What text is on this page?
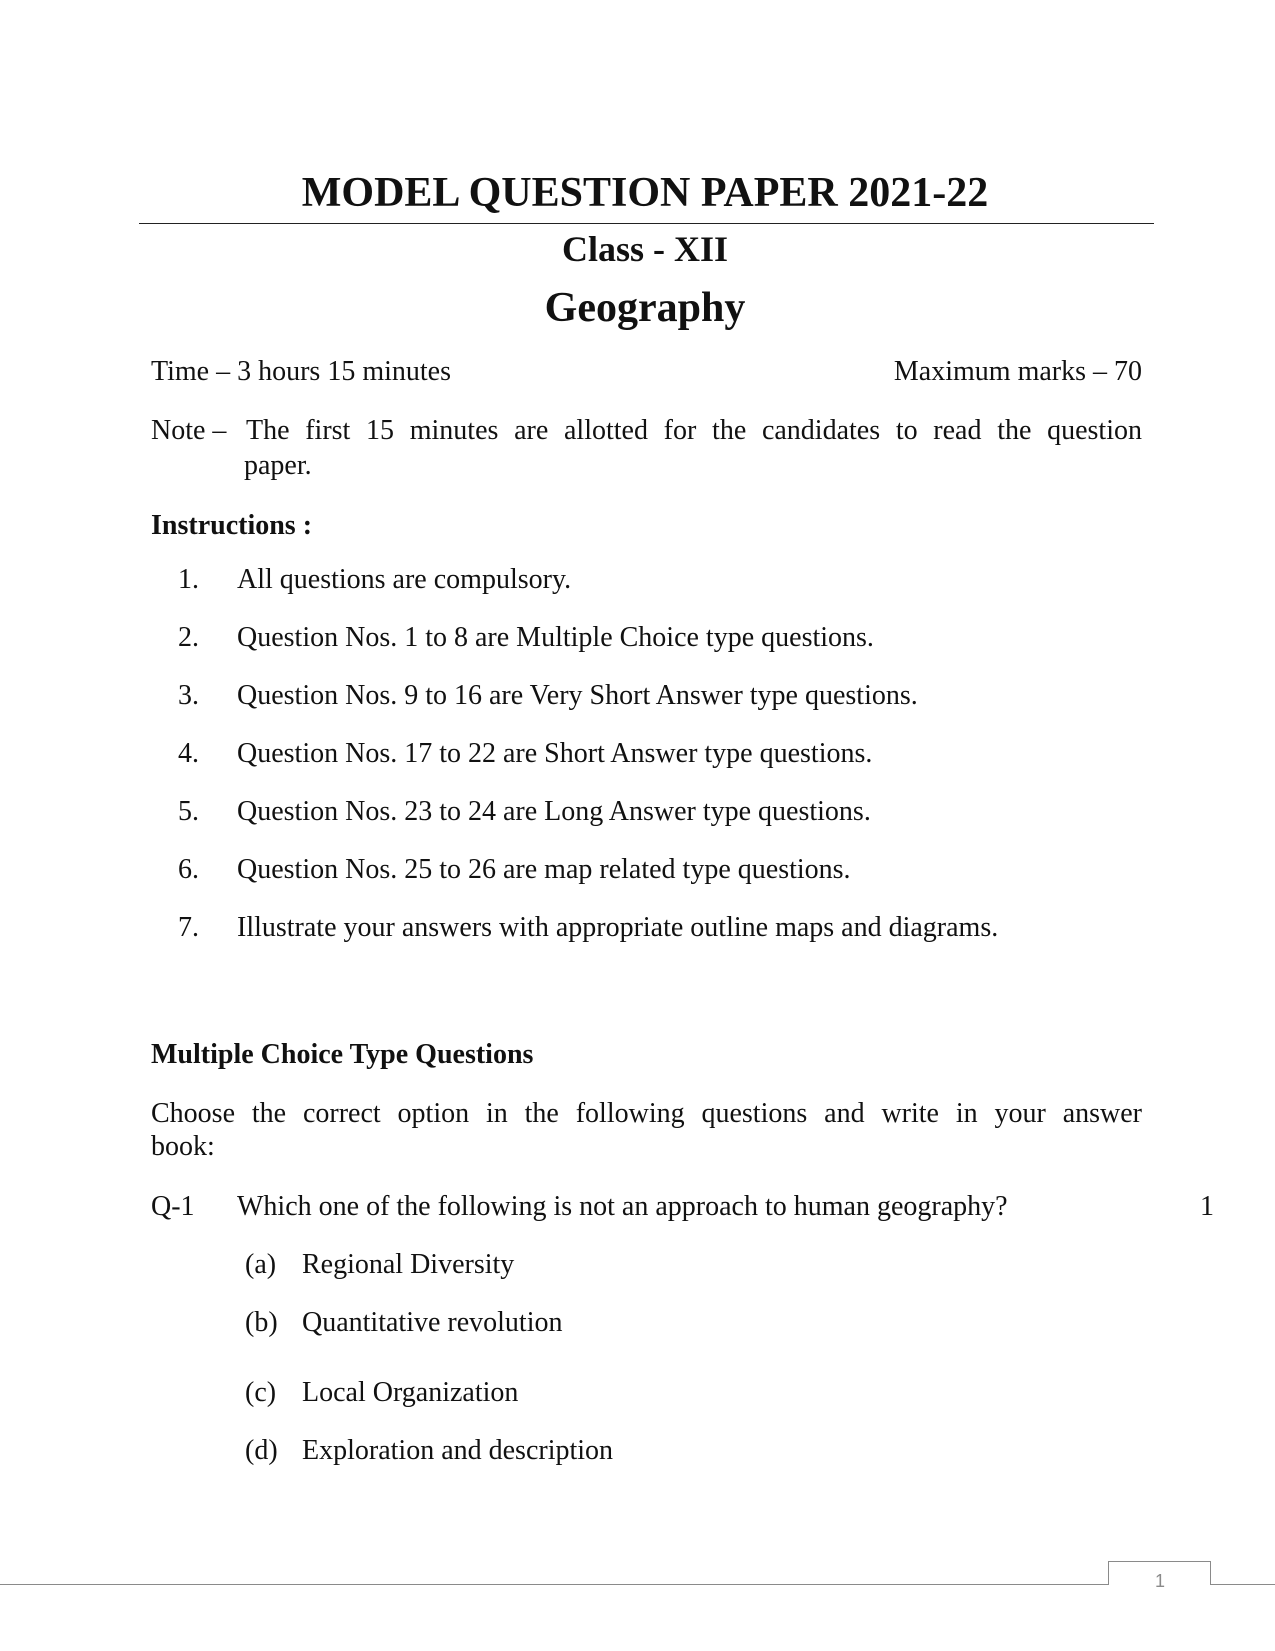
MODEL QUESTION PAPER 2021-22
Class - XII
Geography
Time – 3 hours 15 minutes	Maximum marks – 70
Note – The first 15 minutes are allotted for the candidates to read the question
paper.
Instructions :
1. All questions are compulsory.
2. Question Nos. 1 to 8 are Multiple Choice type questions.
3. Question Nos. 9 to 16 are Very Short Answer type questions.
4. Question Nos. 17 to 22 are Short Answer type questions.
5. Question Nos. 23 to 24 are Long Answer type questions.
6. Question Nos. 25 to 26 are map related type questions.
7. Illustrate your answers with appropriate outline maps and diagrams.
Multiple Choice Type Questions
Choose the correct option in the following questions and write in your answer
book:
Q-1 Which one of the following is not an approach to human geography?	1
(a) Regional Diversity
(b) Quantitative revolution
(c) Local Organization
(d) Exploration and description
1
